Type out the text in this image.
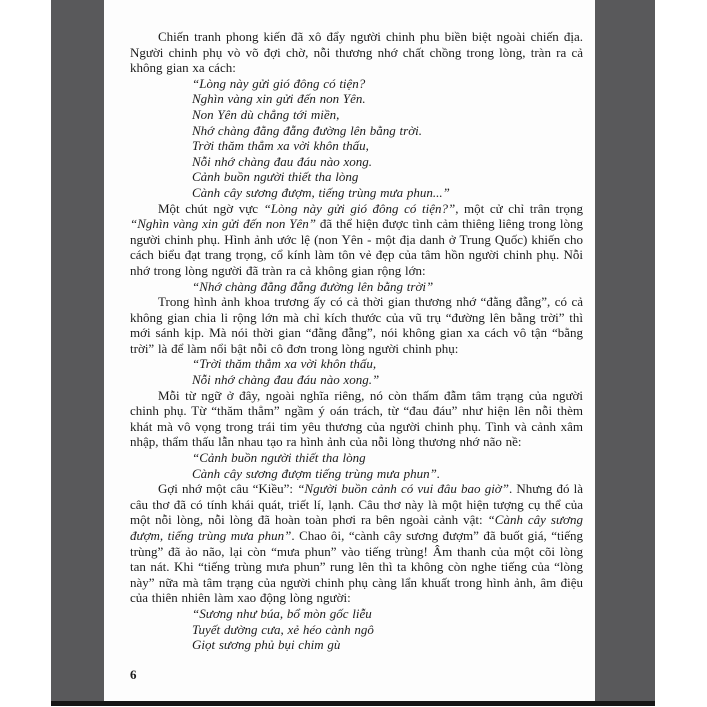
Chiến tranh phong kiến đã xô đẩy người chinh phu biền biệt ngoài chiến địa. Người chinh phụ vò võ đợi chờ, nỗi thương nhớ chất chồng trong lòng, tràn ra cả không gian xa cách:

“Lòng này gửi gió đông có tiện?
Nghìn vàng xin gửi đến non Yên.
Non Yên dù chẳng tới miền,
Nhớ chàng đằng đẵng đường lên bằng trời.
Trời thăm thẳm xa vời khôn thấu,
Nỗi nhớ chàng đau đáu nào xong.
Cảnh buồn người thiết tha lòng
Cành cây sương đượm, tiếng trùng mưa phun...”

Một chút ngờ vực “Lòng này gửi gió đông có tiện?”, một cử chỉ trân trọng “Nghìn vàng xin gửi đến non Yên” đã thể hiện được tình cảm thiêng liêng trong lòng người chinh phụ. Hình ảnh ước lệ (non Yên - một địa danh ở Trung Quốc) khiến cho cách biểu đạt trang trọng, cổ kính làm tôn vẻ đẹp của tâm hồn người chinh phụ. Nỗi nhớ trong lòng người đã tràn ra cả không gian rộng lớn:

“Nhớ chàng đằng đẵng đường lên bằng trời”

Trong hình ảnh khoa trương ấy có cả thời gian thương nhớ “đằng đẵng”, có cả không gian chia li rộng lớn mà chỉ kích thước của vũ trụ “đường lên bằng trời” thì mới sánh kịp. Mà nói thời gian “đằng đẵng”, nói không gian xa cách vô tận “bằng trời” là để làm nổi bật nỗi cô đơn trong lòng người chinh phụ:

“Trời thăm thẳm xa vời khôn thấu,
Nỗi nhớ chàng đau đáu nào xong.”

Mỗi từ ngữ ở đây, ngoài nghĩa riêng, nó còn thấm đẫm tâm trạng của người chinh phụ. Từ “thăm thẳm” ngầm ý oán trách, từ “đau đáu” như hiện lên nỗi thèm khát mà vô vọng trong trái tim yêu thương của người chinh phụ. Tình và cảnh xâm nhập, thẩm thấu lẫn nhau tạo ra hình ảnh của nỗi lòng thương nhớ não nề:

“Cảnh buồn người thiết tha lòng
Cành cây sương đượm tiếng trùng mưa phun”.

Gợi nhớ một câu “Kiều”: “Người buồn cảnh có vui đâu bao giờ”. Nhưng đó là câu thơ đã có tính khái quát, triết lí, lạnh. Câu thơ này là một hiện tượng cụ thể của một nỗi lòng, nỗi lòng đã hoàn toàn phơi ra bên ngoài cảnh vật: “Cành cây sương đượm, tiếng trùng mưa phun”. Chao ôi, “cành cây sương đượm” đã buốt giá, “tiếng trùng” đã ảo não, lại còn “mưa phun” vào tiếng trùng! Âm thanh của một cõi lòng tan nát. Khi “tiếng trùng mưa phun” rung lên thì ta không còn nghe tiếng của “lòng này” nữa mà tâm trạng của người chinh phụ càng lẩn khuất trong hình ảnh, âm điệu của thiên nhiên làm xao động lòng người:

“Sương như búa, bổ mòn gốc liễu
Tuyết dường cưa, xẻ héo cành ngô
Giọt sương phủ bụi chim gù
6
